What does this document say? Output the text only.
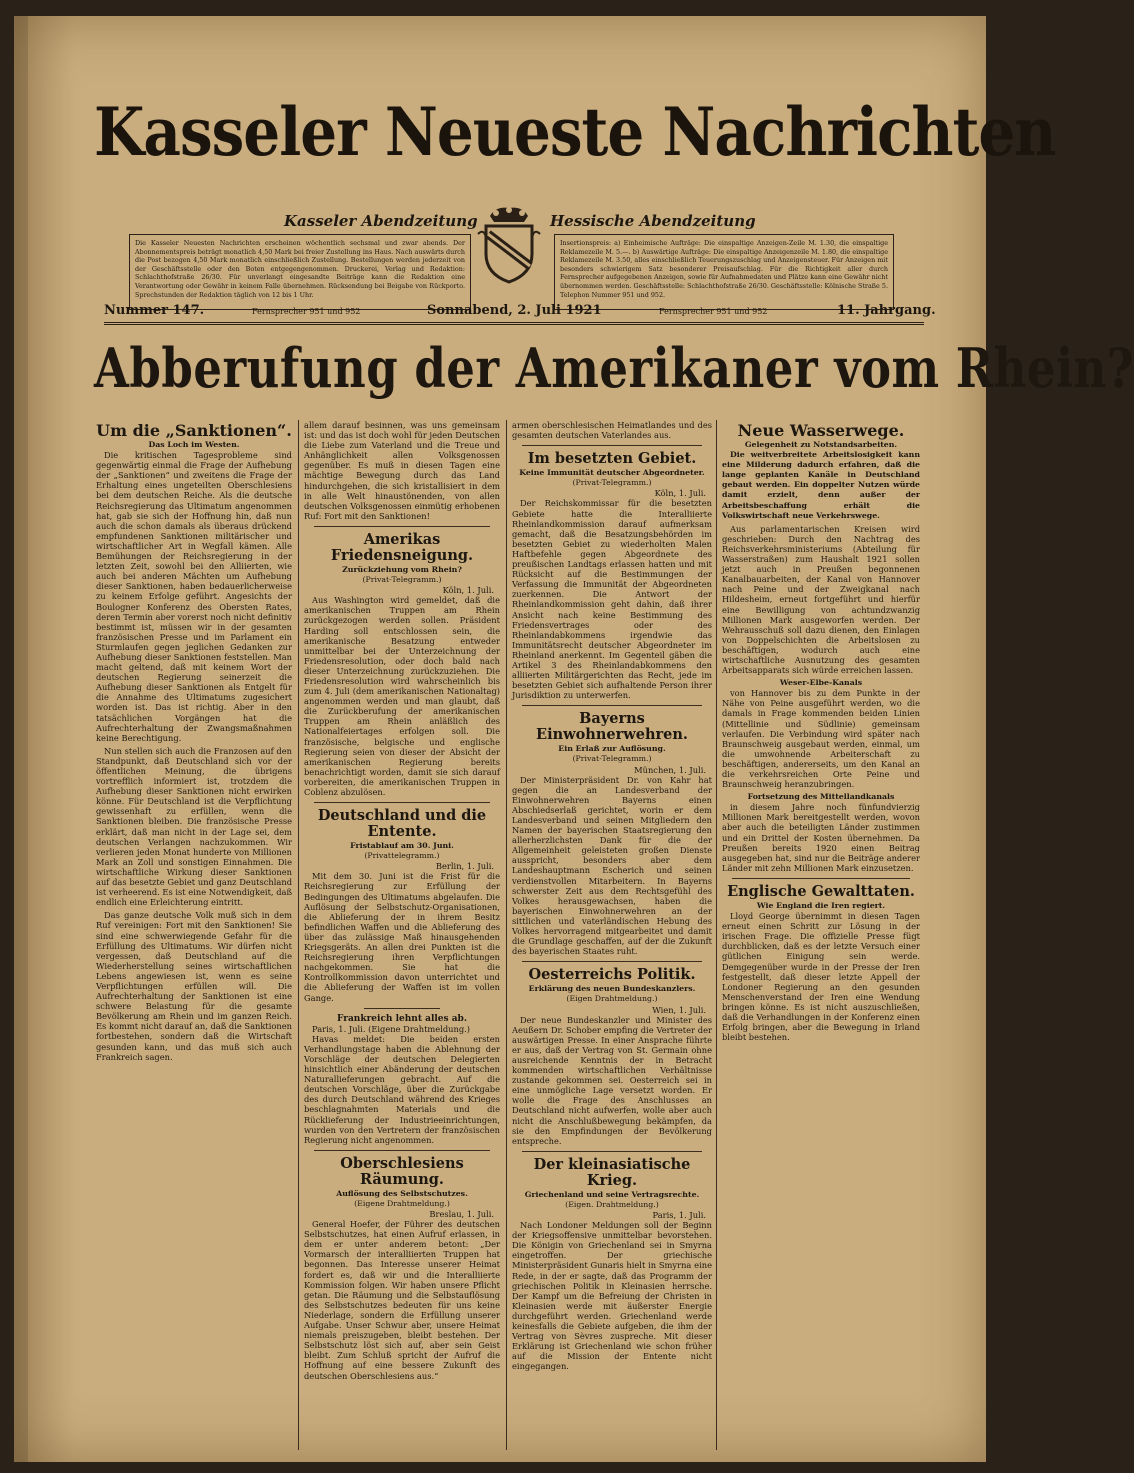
Kasseler Neueste Nachrichten
Kasseler Abendzeitung	Hessische Abendzeitung
Die Kasseler Neuesten Nachrichten erscheinen wöchentlich sechsmal und zwar abends. Der Abonnementspreis beträgt monatlich 4,50 Mark bei freier Zustellung ins Haus. Nach auswärts durch die Post bezogen 4,50 Mark monatlich einschließlich Zustellung. Bestellungen werden jederzeit von der Geschäftsstelle oder den Boten entgegengenommen. Druckerei, Verlag und Redaktion: Schlachthofstraße 26/30. Für unverlangt eingesandte Beiträge kann die Redaktion eine Verantwortung oder Gewähr in keinem Falle übernehmen. Rücksendung bei Beigabe von Rückporto. Sprechstunden der Redaktion täglich von 12 bis 1 Uhr.
Insertionspreis: a) Einheimische Aufträge: Die einspaltige Anzeigen-Zeile M. 1.30, die einspaltige Reklamezeile M. 5.—. b) Auswärtige Aufträge: Die einspaltige Anzeigenzeile M. 1.80, die einspaltige Reklamezeile M. 3.50, alles einschließlich Teuerungszuschlag und Anzeigensteuer. Für Anzeigen mit besonders schwierigem Satz besonderer Preisaufschlag. Für die Richtigkeit aller durch Fernsprecher aufgegebenen Anzeigen, sowie für Aufnahmedaten und Plätze kann eine Gewähr nicht übernommen werden. Geschäftsstelle: Schlachthofstraße 26/30. Geschäftsstelle: Kölnische Straße 5. Telephon Nummer 951 und 952.
Nummer 147.	Fernsprecher 951 und 952	Sonnabend, 2. Juli 1921	Fernsprecher 951 und 952	11. Jahrgang.
Abberufung der Amerikaner vom Rhein?
Um die „Sanktionen“.
Das Loch im Westen.

Die kritischen Tagesprobleme sind gegenwärtig einmal die Frage der Aufhebung der „Sanktionen“ und zweitens die Frage der Erhaltung eines ungeteilten Oberschlesiens bei dem deutschen Reiche. Als die deutsche Reichsregierung das Ultimatum angenommen hat, gab sie sich der Hoffnung hin, daß nun auch die schon damals als überaus drückend empfundenen Sanktionen militärischer und wirtschaftlicher Art in Wegfall kämen. Alle Bemühungen der Reichsregierung in der letzten Zeit, sowohl bei den Alliierten, wie auch bei anderen Mächten um Aufhebung dieser Sanktionen, haben bedauerlicherweise zu keinem Erfolge geführt. Angesichts der Boulogner Konferenz des Obersten Rates, deren Termin aber vorerst noch nicht definitiv bestimmt ist, müssen wir in der gesamten französischen Presse und im Parlament ein Sturmlaufen gegen jeglichen Gedanken zur Aufhebung dieser Sanktionen feststellen. Man macht geltend, daß mit keinem Wort der deutschen Regierung seinerzeit die Aufhebung dieser Sanktionen als Entgelt für die Annahme des Ultimatums zugesichert worden ist. Das ist richtig. Aber in den tatsächlichen Vorgängen hat die Aufrechterhaltung der Zwangsmaßnahmen keine Berechtigung.

Nun stellen sich auch die Franzosen auf den Standpunkt, daß Deutschland sich vor der öffentlichen Meinung, die übrigens vortrefflich informiert ist, trotzdem die Aufhebung dieser Sanktionen nicht erwirken könne. Für Deutschland ist die Verpflichtung gewissenhaft zu erfüllen, wenn die Sanktionen bleiben. Die französische Presse erklärt, daß man nicht in der Lage sei, dem deutschen Verlangen nachzukommen. Wir verlieren jeden Monat hunderte von Millionen Mark an Zoll und sonstigen Einnahmen. Die wirtschaftliche Wirkung dieser Sanktionen auf das besetzte Gebiet und ganz Deutschland ist verheerend. Es ist eine Notwendigkeit, daß endlich eine Erleichterung eintritt.

Das ganze deutsche Volk muß sich in dem Ruf vereinigen: Fort mit den Sanktionen! Sie sind eine schwerwiegende Gefahr für die Erfüllung des Ultimatums. Wir dürfen nicht vergessen, daß Deutschland auf die Wiederherstellung seines wirtschaftlichen Lebens angewiesen ist, wenn es seine Verpflichtungen erfüllen will. Die Aufrechterhaltung der Sanktionen ist eine schwere Belastung für die gesamte Bevölkerung am Rhein und im ganzen Reich. Es kommt nicht darauf an, daß die Sanktionen fortbestehen, sondern daß die Wirtschaft gesunden kann, und das muß sich auch Frankreich sagen.

allem darauf besinnen, was uns gemeinsam ist: und das ist doch wohl für jeden Deutschen die Liebe zum Vaterland und die Treue und Anhänglichkeit allen Volksgenossen gegenüber. Es muß in diesen Tagen eine mächtige Bewegung durch das Land hindurchgehen, die sich kristallisiert in dem in alle Welt hinaustönenden, von allen deutschen Volksgenossen einmütig erhobenen Ruf: Fort mit den Sanktionen!

Amerikas Friedensneigung.
Zurückziehung vom Rhein?
(Privat-Telegramm.)
Köln, 1. Juli.

Aus Washington wird gemeldet, daß die amerikanischen Truppen am Rhein zurückgezogen werden sollen. Präsident Harding soll entschlossen sein, die amerikanische Besatzung entweder unmittelbar bei der Unterzeichnung der Friedensresolution, oder doch bald nach dieser Unterzeichnung zurückzuziehen. Die Friedensresolution wird wahrscheinlich bis zum 4. Juli (dem amerikanischen Nationaltag) angenommen werden und man glaubt, daß die Zurückberufung der amerikanischen Truppen am Rhein anläßlich des Nationalfeiertages erfolgen soll. Die französische, belgische und englische Regierung seien von dieser der Absicht der amerikanischen Regierung bereits benachrichtigt worden, damit sie sich darauf vorbereiten, die amerikanischen Truppen in Coblenz abzulösen.

Deutschland und die Entente.
Fristablauf am 30. Juni.
(Privattelegramm.)
Berlin, 1. Juli.

Mit dem 30. Juni ist die Frist für die Reichsregierung zur Erfüllung der Bedingungen des Ultimatums abgelaufen. Die Auflösung der Selbstschutz-Organisationen, die Ablieferung der in ihrem Besitz befindlichen Waffen und die Ablieferung des über das zulässige Maß hinausgehenden Kriegsgeräts. An allen drei Punkten ist die Reichsregierung ihren Verpflichtungen nachgekommen. Sie hat die Kontrollkommission davon unterrichtet und die Ablieferung der Waffen ist im vollen Gange.

Frankreich lehnt alles ab.
Paris, 1. Juli. (Eigene Drahtmeldung.)

Havas meldet: Die beiden ersten Verhandlungstage haben die Ablehnung der Vorschläge der deutschen Delegierten hinsichtlich einer Abänderung der deutschen Naturallieferungen gebracht. Auf die deutschen Vorschläge, über die Zurückgabe des durch Deutschland während des Krieges beschlagnahmten Materials und die Rücklieferung der Industrieeinrichtungen, wurden von den Vertretern der französischen Regierung nicht angenommen.

Oberschlesiens Räumung.
Auflösung des Selbstschutzes.
(Eigene Drahtmeldung.)
Breslau, 1. Juli.

General Hoefer, der Führer des deutschen Selbstschutzes, hat einen Aufruf erlassen, in dem er unter anderem betont: „Der Vormarsch der interalliierten Truppen hat begonnen. Das Interesse unserer Heimat fordert es, daß wir und die Interalliierte Kommission folgen. Wir haben unsere Pflicht getan. Die Räumung und die Selbstauflösung des Selbstschutzes bedeuten für uns keine Niederlage, sondern die Erfüllung unserer Aufgabe. Unser Schwur aber, unsere Heimat niemals preiszugeben, bleibt bestehen. Der Selbstschutz löst sich auf, aber sein Geist bleibt. Zum Schluß spricht der Aufruf die Hoffnung auf eine bessere Zukunft des deutschen Oberschlesiens aus.“

armen oberschlesischen Heimatlandes und des gesamten deutschen Vaterlandes aus.

Im besetzten Gebiet.
Keine Immunität deutscher Abgeordneter.
(Privat-Telegramm.)
Köln, 1. Juli.

Der Reichskommissar für die besetzten Gebiete hatte die Interalliierte Rheinlandkommission darauf aufmerksam gemacht, daß die Besatzungsbehörden im besetzten Gebiet zu wiederholten Malen Haftbefehle gegen Abgeordnete des preußischen Landtags erlassen hatten und mit Rücksicht auf die Bestimmungen der Verfassung die Immunität der Abgeordneten zuerkennen. Die Antwort der Rheinlandkommission geht dahin, daß ihrer Ansicht nach keine Bestimmung des Friedensvertrages oder des Rheinlandabkommens irgendwie das Immunitätsrecht deutscher Abgeordneter im Rheinland anerkennt. Im Gegenteil gäben die Artikel 3 des Rheinlandabkommens den alliierten Militärgerichten das Recht, jede im besetzten Gebiet sich aufhaltende Person ihrer Jurisdiktion zu unterwerfen.

Bayerns Einwohnerwehren.
Ein Erlaß zur Auflösung.
(Privat-Telegramm.)
München, 1. Juli.

Der Ministerpräsident Dr. von Kahr hat gegen die an Landesverband der Einwohnerwehren Bayerns einen Abschiedserlaß gerichtet, worin er dem Landesverband und seinen Mitgliedern den Namen der bayerischen Staatsregierung den allerherzlichsten Dank für die der Allgemeinheit geleisteten großen Dienste ausspricht, besonders aber dem Landeshauptmann Escherich und seinen verdienstvollen Mitarbeitern. In Bayerns schwerster Zeit aus dem Rechtsgefühl des Volkes herausgewachsen, haben die bayerischen Einwohnerwehren an der sittlichen und vaterländischen Hebung des Volkes hervorragend mitgearbeitet und damit die Grundlage geschaffen, auf der die Zukunft des bayerischen Staates ruht.

Oesterreichs Politik.
Erklärung des neuen Bundeskanzlers.
(Eigen Drahtmeldung.)
Wien, 1. Juli.

Der neue Bundeskanzler und Minister des Aeußern Dr. Schober empfing die Vertreter der auswärtigen Presse. In einer Ansprache führte er aus, daß der Vertrag von St. Germain ohne ausreichende Kenntnis der in Betracht kommenden wirtschaftlichen Verhältnisse zustande gekommen sei. Oesterreich sei in eine unmögliche Lage versetzt worden. Er wolle die Frage des Anschlusses an Deutschland nicht aufwerfen, wolle aber auch nicht die Anschlußbewegung bekämpfen, da sie den Empfindungen der Bevölkerung entspreche.

Der kleinasiatische Krieg.
Griechenland und seine Vertragsrechte.
(Eigen. Drahtmeldung.)
Paris, 1. Juli.

Nach Londoner Meldungen soll der Beginn der Kriegsoffensive unmittelbar bevorstehen. Die Königin von Griechenland sei in Smyrna eingetroffen. Der griechische Ministerpräsident Gunaris hielt in Smyrna eine Rede, in der er sagte, daß das Programm der griechischen Politik in Kleinasien herrsche. Der Kampf um die Befreiung der Christen in Kleinasien werde mit äußerster Energie durchgeführt werden. Griechenland werde keinesfalls die Gebiete aufgeben, die ihm der Vertrag von Sèvres zuspreche. Mit dieser Erklärung ist Griechenland wie schon früher auf die Mission der Entente nicht eingegangen.

Neue Wasserwege.
Gelegenheit zu Notstandsarbeiten.

Die weitverbreitete Arbeitslosigkeit kann eine Milderung dadurch erfahren, daß die lange geplanten Kanäle in Deutschland gebaut werden. Ein doppelter Nutzen würde damit erzielt, denn außer der Arbeitsbeschaffung erhält die Volkswirtschaft neue Verkehrswege.

Aus parlamentarischen Kreisen wird geschrieben: Durch den Nachtrag des Reichsverkehrsministeriums (Abteilung für Wasserstraßen) zum Haushalt 1921 sollen jetzt auch in Preußen begonnenen Kanalbauarbeiten, der Kanal von Hannover nach Peine und der Zweigkanal nach Hildesheim, erneut fortgeführt und hierfür eine Bewilligung von achtundzwanzig Millionen Mark ausgeworfen werden. Der Wehrausschuß soll dazu dienen, den Einlagen von Doppelschichten die Arbeitslosen zu beschäftigen, wodurch auch eine wirtschaftliche Ausnutzung des gesamten Arbeitsapparats sich würde erreichen lassen.

Weser-Elbe-Kanals

von Hannover bis zu dem Punkte in der Nähe von Peine ausgeführt werden, wo die damals in Frage kommenden beiden Linien (Mittellinie und Südlinie) gemeinsam verlaufen. Die Verbindung wird später nach Braunschweig ausgebaut werden, einmal, um die umwohnende Arbeiterschaft zu beschäftigen, andererseits, um den Kanal an die verkehrsreichen Orte Peine und Braunschweig heranzubringen.

Fortsetzung des Mittellandkanals

in diesem Jahre noch fünfundvierzig Millionen Mark bereitgestellt werden, wovon aber auch die beteiligten Länder zustimmen und ein Drittel der Kosten übernehmen. Da Preußen bereits 1920 einen Beitrag ausgegeben hat, sind nur die Beiträge anderer Länder mit zehn Millionen Mark einzusetzen.

Englische Gewalttaten.
Wie England die Iren regiert.

Lloyd George übernimmt in diesen Tagen erneut einen Schritt zur Lösung in der irischen Frage. Die offizielle Presse fügt durchblicken, daß es der letzte Versuch einer gütlichen Einigung sein werde. Demgegenüber wurde in der Presse der Iren festgestellt, daß dieser letzte Appell der Londoner Regierung an den gesunden Menschenverstand der Iren eine Wendung bringen könne. Es ist nicht auszuschließen, daß die Verhandlungen in der Konferenz einen Erfolg bringen, aber die Bewegung in Irland bleibt bestehen.
